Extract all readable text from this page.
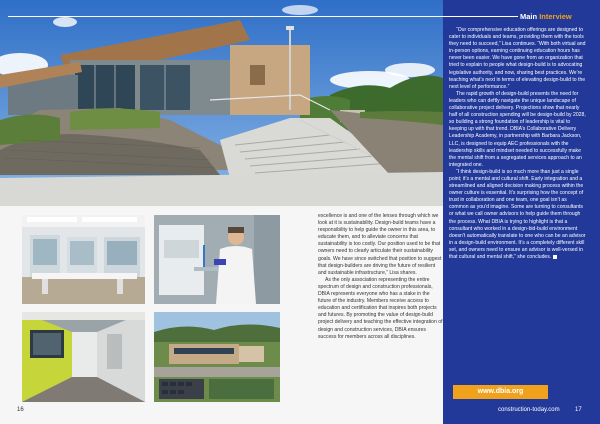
Main Interview

“Our comprehensive education offerings are designed to cater to individuals and teams, providing them with the tools they need to succeed,” Lisa continues. “With both virtual and in-person options, earning continuing education hours has never been easier. We have gone from an organization that tried to explain to people what design-build is to advocating legislative authority, and now, sharing best practices. We’re teaching what’s next in terms of elevating design-build to the next level of performance.”

The rapid growth of design-build presents the need for leaders who can deftly navigate the unique landscape of collaborative project delivery. Projections show that nearly half of all construction spending will be design-build by 2028, so building a strong foundation of leadership is vital to keeping up with that trend. DBIA’s Collaborative Delivery Leadership Academy, in partnership with Barbara Jackson, LLC, is designed to equip AEC professionals with the leadership skills and mindset needed to successfully make the mental shift from a segregated services approach to an integrated one.

“I think design-build is so much more than just a single point; it’s a mental and cultural shift. Early integration and a streamlined and aligned decision making process within the owner culture is essential. It’s surprising how the concept of trust in collaboration and one team, one goal isn’t as common as you’d imagine. Some are turning to consultants or what we call owner advisors to help guide them through the process. What DBIA is trying to highlight is that a consultant who worked in a design-bid-build environment doesn’t automatically translate to one who can be an advisor in a design-build environment. It’s a completely different skill set, and owners need to ensure an advisor is well-versed in that cultural and mental shift,” she concludes.

www.dbia.org

excellence is and one of the lenses through which we look at it is sustainability. Design-build teams have a responsibility to help guide the owner in this area, to educate them, and to alleviate concerns that sustainability is too costly. Our position used to be that owners need to clearly articulate their sustainability goals. We have since switched that position to suggest that design-builders are driving the future of resilient and sustainable infrastructure,” Lisa shares.

As the only association representing the entire spectrum of design and construction professionals, DBIA represents everyone who has a stake in the future of the industry. Members receive access to education and certification that inspires both projects and futures. By promoting the value of design-build project delivery and teaching the effective integration of design and construction services, DBIA ensures success for members across all disciplines.

16	construction-today.com	17
